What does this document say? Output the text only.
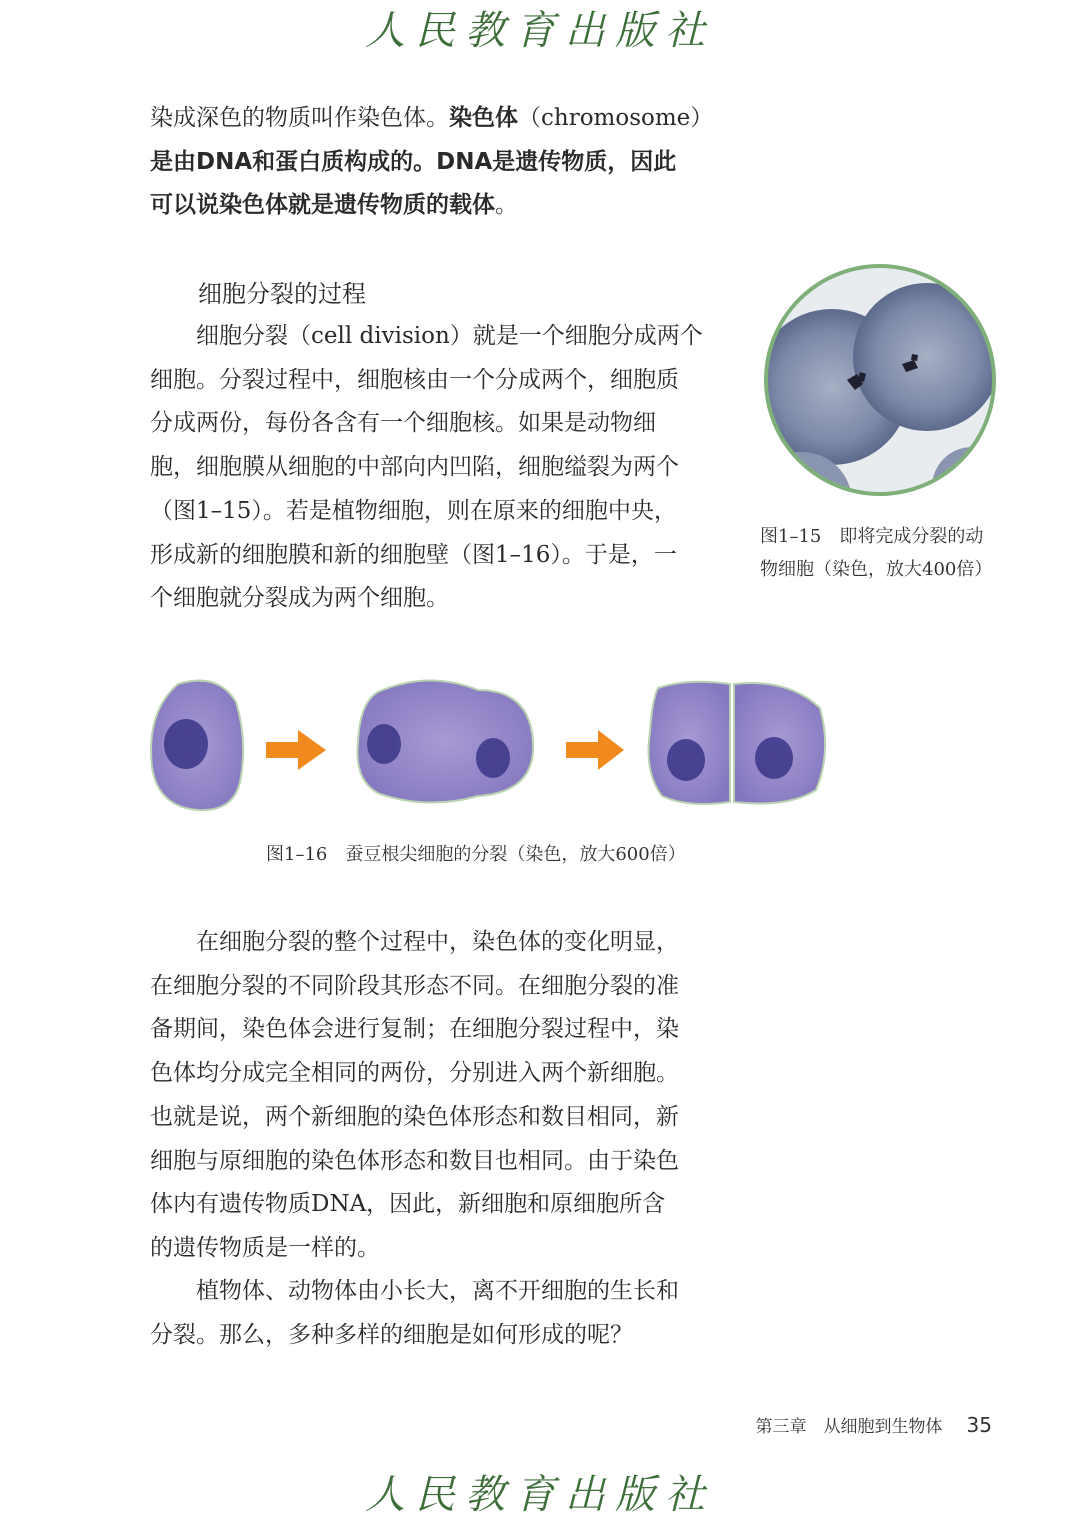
人民教育出版社
染成深色的物质叫作染色体。染色体（chromosome）
是由DNA和蛋白质构成的。DNA是遗传物质，因此
可以说染色体就是遗传物质的载体。
细胞分裂的过程
　　细胞分裂（cell division）就是一个细胞分成两个
细胞。分裂过程中，细胞核由一个分成两个，细胞质
分成两份，每份各含有一个细胞核。如果是动物细
胞，细胞膜从细胞的中部向内凹陷，细胞缢裂为两个
（图1–15）。若是植物细胞，则在原来的细胞中央，
形成新的细胞膜和新的细胞壁（图1–16）。于是，一
个细胞就分裂成为两个细胞。
图1–15　即将完成分裂的动
物细胞（染色，放大400倍）
图1–16　蚕豆根尖细胞的分裂（染色，放大600倍）
　　在细胞分裂的整个过程中，染色体的变化明显，
在细胞分裂的不同阶段其形态不同。在细胞分裂的准
备期间，染色体会进行复制；在细胞分裂过程中，染
色体均分成完全相同的两份，分别进入两个新细胞。
也就是说，两个新细胞的染色体形态和数目相同，新
细胞与原细胞的染色体形态和数目也相同。由于染色
体内有遗传物质DNA，因此，新细胞和原细胞所含
的遗传物质是一样的。
　　植物体、动物体由小长大，离不开细胞的生长和
分裂。那么，多种多样的细胞是如何形成的呢？
第三章　从细胞到生物体 35
人民教育出版社
